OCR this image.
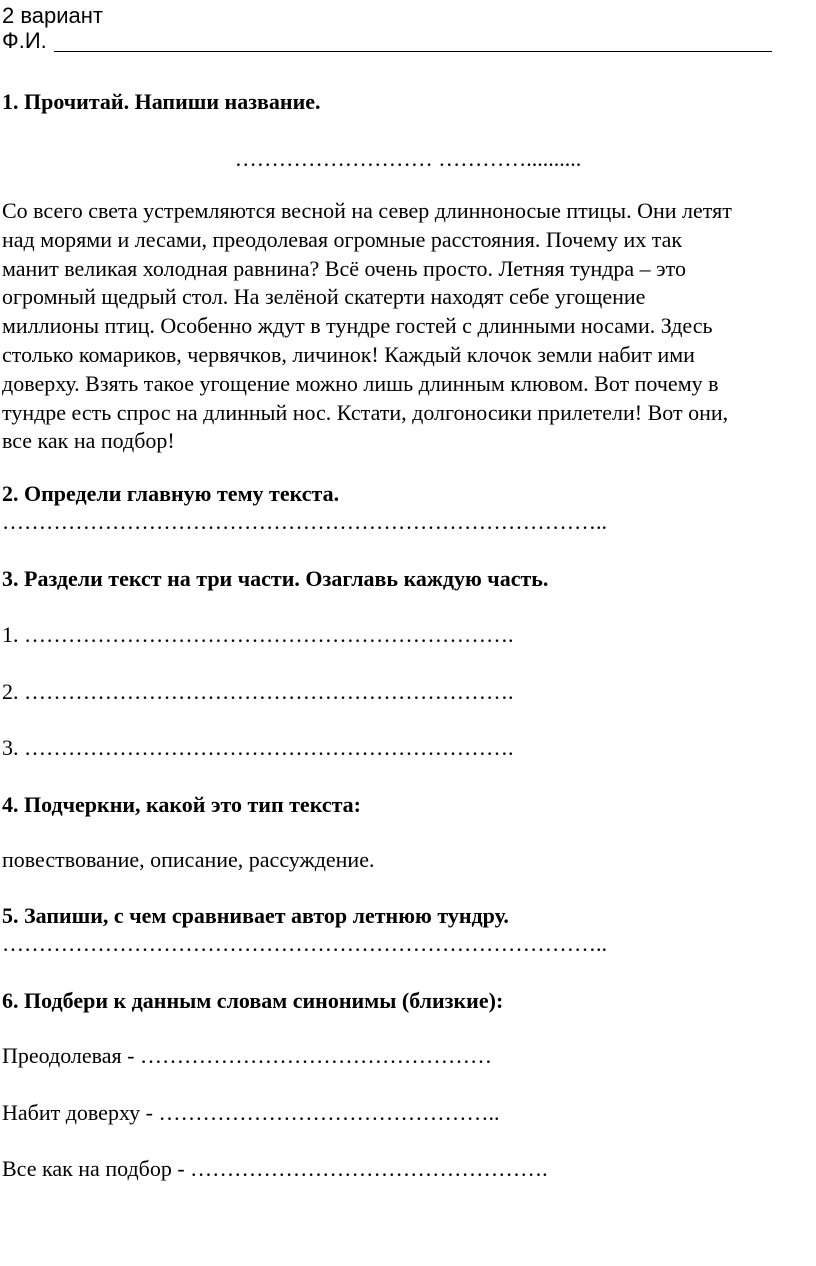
2 вариант
Ф.И.
1. Прочитай. Напиши название.
……………………… …………..........
Со всего света устремляются весной на север длинноносые птицы. Они летят
над морями и лесами, преодолевая огромные расстояния. Почему их так
манит великая холодная равнина? Всё очень просто. Летняя тундра – это
огромный щедрый стол. На зелёной скатерти находят себе угощение
миллионы птиц. Особенно ждут в тундре гостей с длинными носами. Здесь
столько комариков, червячков, личинок! Каждый клочок земли набит ими
доверху. Взять такое угощение можно лишь длинным клювом. Вот почему в
тундре есть спрос на длинный нос. Кстати, долгоносики прилетели! Вот они,
все как на подбор!
2. Определи главную тему текста.
………………………………………………………………………..
3. Раздели текст на три части. Озаглавь каждую часть.
1. ………………………………………………………….
2. ………………………………………………………….
3. ………………………………………………………….
4. Подчеркни, какой это тип текста:
повествование, описание, рассуждение.
5. Запиши, с чем сравнивает автор летнюю тундру.
………………………………………………………………………..
6. Подбери к данным словам синонимы (близкие):
Преодолевая - …………………………………………
Набит доверху - ………………………………………..
Все как на подбор - ………………………………………….
